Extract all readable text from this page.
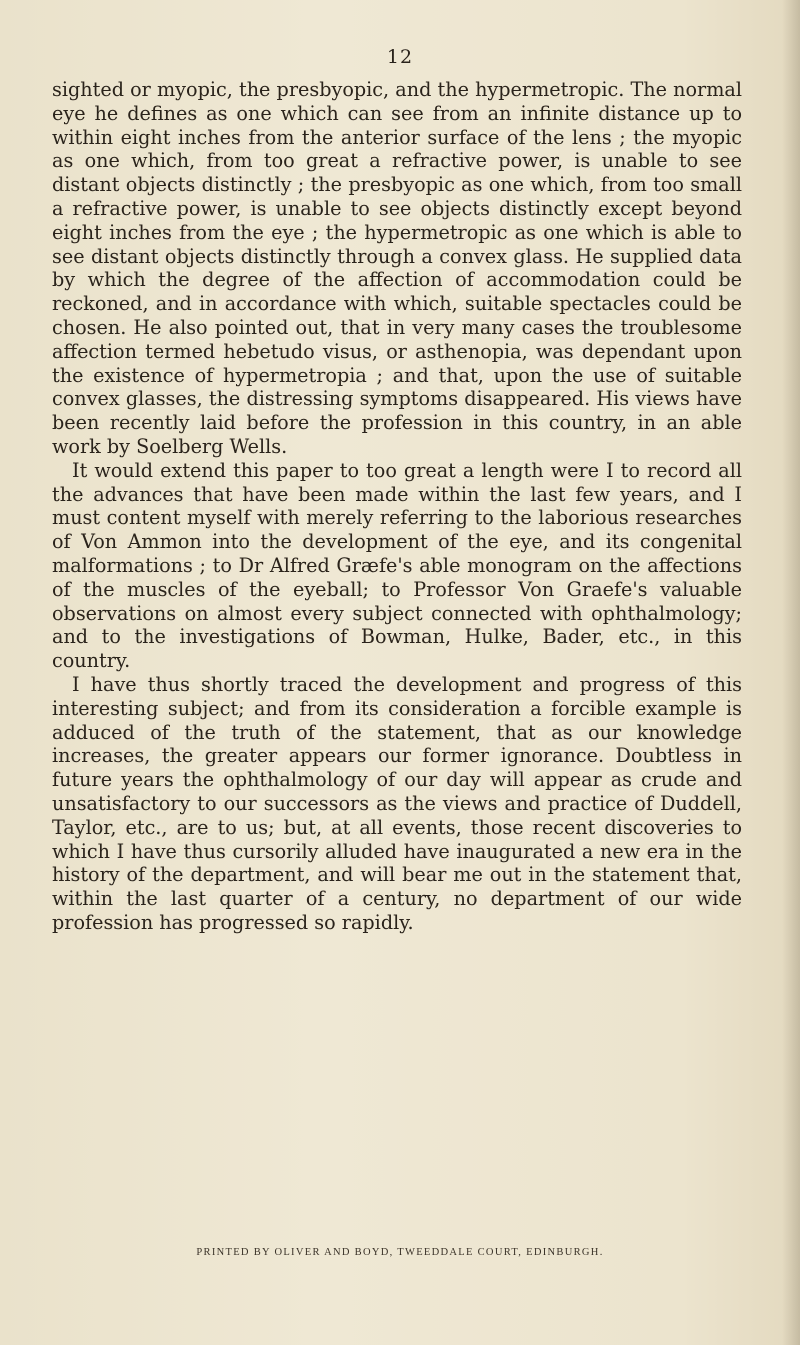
12

sighted or myopic, the presbyopic, and the hypermetropic. The normal eye he defines as one which can see from an infinite distance up to within eight inches from the anterior surface of the lens ; the myopic as one which, from too great a refractive power, is unable to see distant objects distinctly ; the presbyopic as one which, from too small a refractive power, is unable to see objects distinctly except beyond eight inches from the eye ; the hypermetropic as one which is able to see distant objects distinctly through a convex glass. He supplied data by which the degree of the affection of accommodation could be reckoned, and in accordance with which, suitable spectacles could be chosen. He also pointed out, that in very many cases the troublesome affection termed hebetudo visus, or asthenopia, was dependant upon the existence of hypermetropia ; and that, upon the use of suitable convex glasses, the distressing symptoms disappeared. His views have been recently laid before the profession in this country, in an able work by Soelberg Wells.

It would extend this paper to too great a length were I to record all the advances that have been made within the last few years, and I must content myself with merely referring to the laborious researches of Von Ammon into the development of the eye, and its congenital malformations ; to Dr Alfred Græfe's able monogram on the affections of the muscles of the eyeball; to Professor Von Graefe's valuable observations on almost every subject connected with ophthalmology; and to the investigations of Bowman, Hulke, Bader, etc., in this country.

I have thus shortly traced the development and progress of this interesting subject; and from its consideration a forcible example is adduced of the truth of the statement, that as our knowledge increases, the greater appears our former ignorance. Doubtless in future years the ophthalmology of our day will appear as crude and unsatisfactory to our successors as the views and practice of Duddell, Taylor, etc., are to us; but, at all events, those recent discoveries to which I have thus cursorily alluded have inaugurated a new era in the history of the department, and will bear me out in the statement that, within the last quarter of a century, no department of our wide profession has progressed so rapidly.

PRINTED BY OLIVER AND BOYD, TWEEDDALE COURT, EDINBURGH.
